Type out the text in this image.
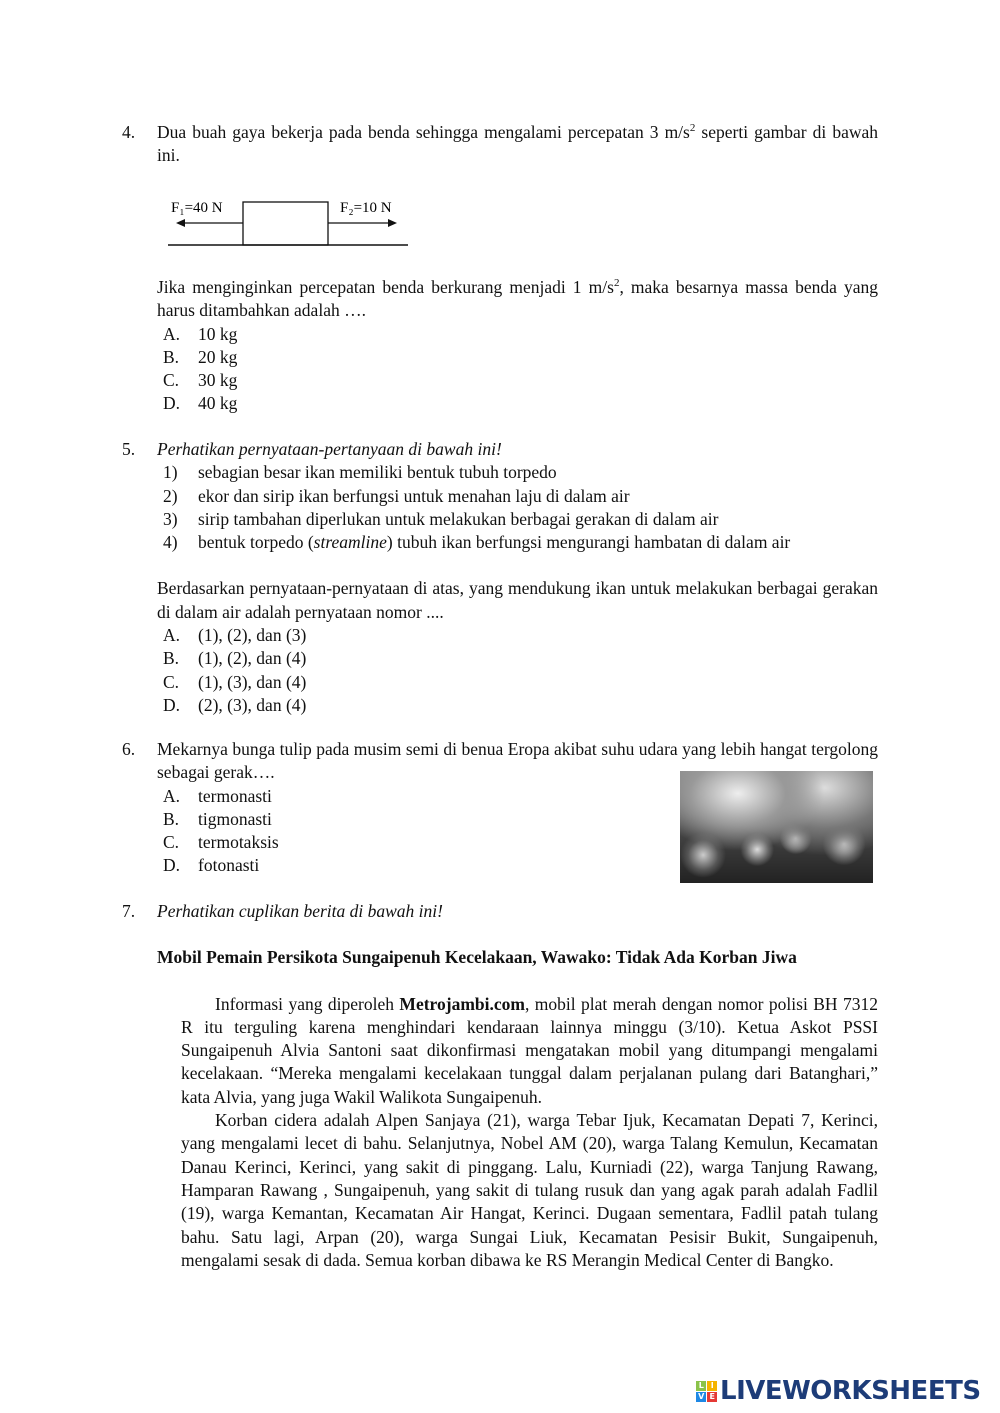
4. Dua buah gaya bekerja pada benda sehingga mengalami percepatan 3 $m/s^2$ seperti gambar di bawah ini.
F₁=40 N	F₂=10 N
Jika menginginkan percepatan benda berkurang menjadi 1 $m/s^2$, maka besarnya massa benda yang harus ditambahkan adalah ….
A. 10 kg
B. 20 kg
C. 30 kg
D. 40 kg
5. Perhatikan pernyataan-pertanyaan di bawah ini!
1) sebagian besar ikan memiliki bentuk tubuh torpedo
2) ekor dan sirip ikan berfungsi untuk menahan laju di dalam air
3) sirip tambahan diperlukan untuk melakukan berbagai gerakan di dalam air
4) bentuk torpedo (streamline) tubuh ikan berfungsi mengurangi hambatan di dalam air
Berdasarkan pernyataan-pernyataan di atas, yang mendukung ikan untuk melakukan berbagai gerakan di dalam air adalah pernyataan nomor ....
A. (1), (2), dan (3)
B. (1), (2), dan (4)
C. (1), (3), dan (4)
D. (2), (3), dan (4)
6. Mekarnya bunga tulip pada musim semi di benua Eropa akibat suhu udara yang lebih hangat tergolong sebagai gerak….
A. termonasti
B. tigmonasti
C. termotaksis
D. fotonasti
7. Perhatikan cuplikan berita di bawah ini!
Mobil Pemain Persikota Sungaipenuh Kecelakaan, Wawako: Tidak Ada Korban Jiwa

Informasi yang diperoleh Metrojambi.com, mobil plat merah dengan nomor polisi BH 7312 R itu terguling karena menghindari kendaraan lainnya minggu (3/10). Ketua Askot PSSI Sungaipenuh Alvia Santoni saat dikonfirmasi mengatakan mobil yang ditumpangi mengalami kecelakaan. “Mereka mengalami kecelakaan tunggal dalam perjalanan pulang dari Batanghari,” kata Alvia, yang juga Wakil Walikota Sungaipenuh.

Korban cidera adalah Alpen Sanjaya (21), warga Tebar Ijuk, Kecamatan Depati 7, Kerinci, yang mengalami lecet di bahu. Selanjutnya, Nobel AM (20), warga Talang Kemulun, Kecamatan Danau Kerinci, Kerinci, yang sakit di pinggang. Lalu, Kurniadi (22), warga Tanjung Rawang, Hamparan Rawang , Sungaipenuh, yang sakit di tulang rusuk dan yang agak parah adalah Fadlil (19), warga Kemantan, Kecamatan Air Hangat, Kerinci. Dugaan sementara, Fadlil patah tulang bahu. Satu lagi, Arpan (20), warga Sungai Liuk, Kecamatan Pesisir Bukit, Sungaipenuh, mengalami sesak di dada. Semua korban dibawa ke RS Merangin Medical Center di Bangko.

L I
V E LIVEWORKSHEETS
